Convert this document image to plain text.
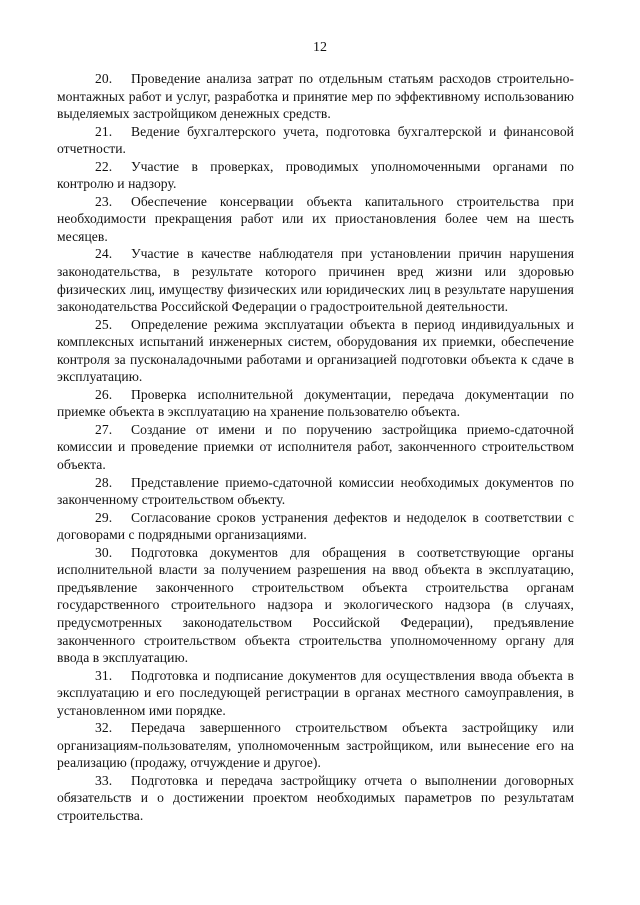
12

20. Проведение анализа затрат по отдельным статьям расходов строительно-монтажных работ и услуг, разработка и принятие мер по эффективному использованию выделяемых застройщиком денежных средств.

21. Ведение бухгалтерского учета, подготовка бухгалтерской и финансовой отчетности.

22. Участие в проверках, проводимых уполномоченными органами по контролю и надзору.

23. Обеспечение консервации объекта капитального строительства при необходимости прекращения работ или их приостановления более чем на шесть месяцев.

24. Участие в качестве наблюдателя при установлении причин нарушения законодательства, в результате которого причинен вред жизни или здоровью физических лиц, имуществу физических или юридических лиц в результате нарушения законодательства Российской Федерации о градостроительной деятельности.

25. Определение режима эксплуатации объекта в период индивидуальных и комплексных испытаний инженерных систем, оборудования их приемки, обеспечение контроля за пусконаладочными работами и организацией подготовки объекта к сдаче в эксплуатацию.

26. Проверка исполнительной документации, передача документации по приемке объекта в эксплуатацию на хранение пользователю объекта.

27. Создание от имени и по поручению застройщика приемо-сдаточной комиссии и проведение приемки от исполнителя работ, законченного строительством объекта.

28. Представление приемо-сдаточной комиссии необходимых документов по законченному строительством объекту.

29. Согласование сроков устранения дефектов и недоделок в соответствии с договорами с подрядными организациями.

30. Подготовка документов для обращения в соответствующие органы исполнительной власти за получением разрешения на ввод объекта в эксплуатацию, предъявление законченного строительством объекта строительства органам государственного строительного надзора и экологического надзора (в случаях, предусмотренных законодательством Российской Федерации), предъявление законченного строительством объекта строительства уполномоченному органу для ввода в эксплуатацию.

31. Подготовка и подписание документов для осуществления ввода объекта в эксплуатацию и его последующей регистрации в органах местного самоуправления, в установленном ими порядке.

32. Передача завершенного строительством объекта застройщику или организациям-пользователям, уполномоченным застройщиком, или вынесение его на реализацию (продажу, отчуждение и другое).

33. Подготовка и передача застройщику отчета о выполнении договорных обязательств и о достижении проектом необходимых параметров по результатам строительства.
